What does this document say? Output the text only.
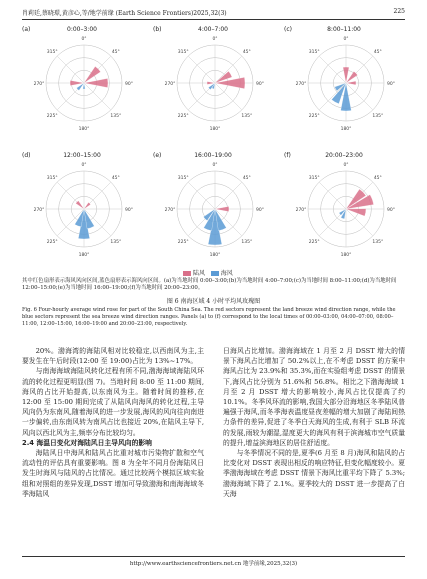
肖莉廷,蔡晓璟,黄彦心,等/地学前缘 (Earth Science Frontiers)2025,32(3)	225
0°
45°
90°
135°
180°
225°
270°
315°
(a)	0:00–3:00
0°
45°
90°
135°
180°
225°
270°
315°
(b)	4:00–7:00
0°
45°
90°
135°
180°
225°
270°
315°
(c)	8:00–11:00
0°
45°
90°
135°
180°
225°
270°
315°
(d)	12:00–15:00
0°
45°
90°
135°
180°
225°
270°
315°
(e)	16:00–19:00
0°
45°
90°
135°
180°
225°
270°
315°
(f)	20:00–23:00
陆风	海风
其中红色扇形表示海风风向区间,蓝色扇形表示海风向区间。(a)为当地时间 0:00–3:00;(b)为当地时间 4:00–7:00;(c)为当地时间 8:00–11:00;(d)为当地时间 12:00–15:00;(e)为当地时间 16:00–19:00;(f)为当地时间 20:00–23:00。
图 6 南海区域 4 小时平均风玫瑰图
Fig. 6 Four-hourly average wind rose for part of the South China Sea. The red sectors represent the land breeze wind direction range, while the blue sectors represent the sea breeze wind direction ranges. Panels (a) to (f) correspond to the local times of 00:00–03:00, 04:00–07:00, 08:00–11:00, 12:00–15:00, 16:00–19:00 and 20:00–23:00, respectively.

20%。渤海湾的海陆风相对比较稳定,以西南风为主,主要发生在午后时段(12:00 至 19:00)占比为 13%~17%。

与南海海域海陆风转化过程有所不同,渤海海域海陆风环流的转化过程更明显(图 7)。当地时间 8:00 至 11:00 期间,海风的占比开始提高,以东南风为主。随着时间的推移,在 12:00 至 15:00 期间完成了从陆风向海风的转化过程,主导风向仍为东南风,随着海风的进一步发展,海风的风向往向南进一步偏转,由东南风转为南风占比也接近 20%,在陆风主导下,风向以西北风为主,频率分布比较均匀。

2.4 海温日变化对海陆风日主导风向的影响

海陆风日中海风和陆风占比重对城市污染物扩散和空气流动性的评估具有重要影响。图 8 为全年不同月份海陆风日发生时海风与陆风的占比情况。通过比较两个模拟区域实验组和对照组的差异发现,DSST 增加可导致渤海和南海海域冬季海陆风

日海风占比增加。渤海海域在 1 月至 2 月 DSST 增大的情景下海风占比增加了 50.2%以上,在不考虑 DSST 的方案中海风占比为 23.9%和 35.3%,而在实验组考虑 DSST 的情景下,海风占比分别为 51.6%和 56.8%。相比之下渤海海域 1 月至 2 月 DSST 增大的影响较小,海风占比仅提高了约 10.1%。冬季风环流的影响,我国大部分沿海地区冬季陆风普遍强于海风,而冬季海表温度昼夜差幅的增大加剧了海陆间热力条件的差异,促进了冬季白天海风的生成,有利于 SLB 环流的发展,雨较为潮湿,湿度更大的海风有利于滨海城市空气质量的提升,增益滨海地区的居住舒适度。

与冬季情况不同的是,夏季(6 月至 8 月)海风和陆风的占比变化对 DSST 表现出相反的响应特征,但变化幅度较小。夏季渤海海域在考虑 DSST 情景下海风比重平均下降了 5.3%;渤海海域下降了 2.1%。夏季较大的 DSST 进一步提高了白天海

http://www.earthsciencefrontiers.net.cn 地学前缘,2025,32(3)
